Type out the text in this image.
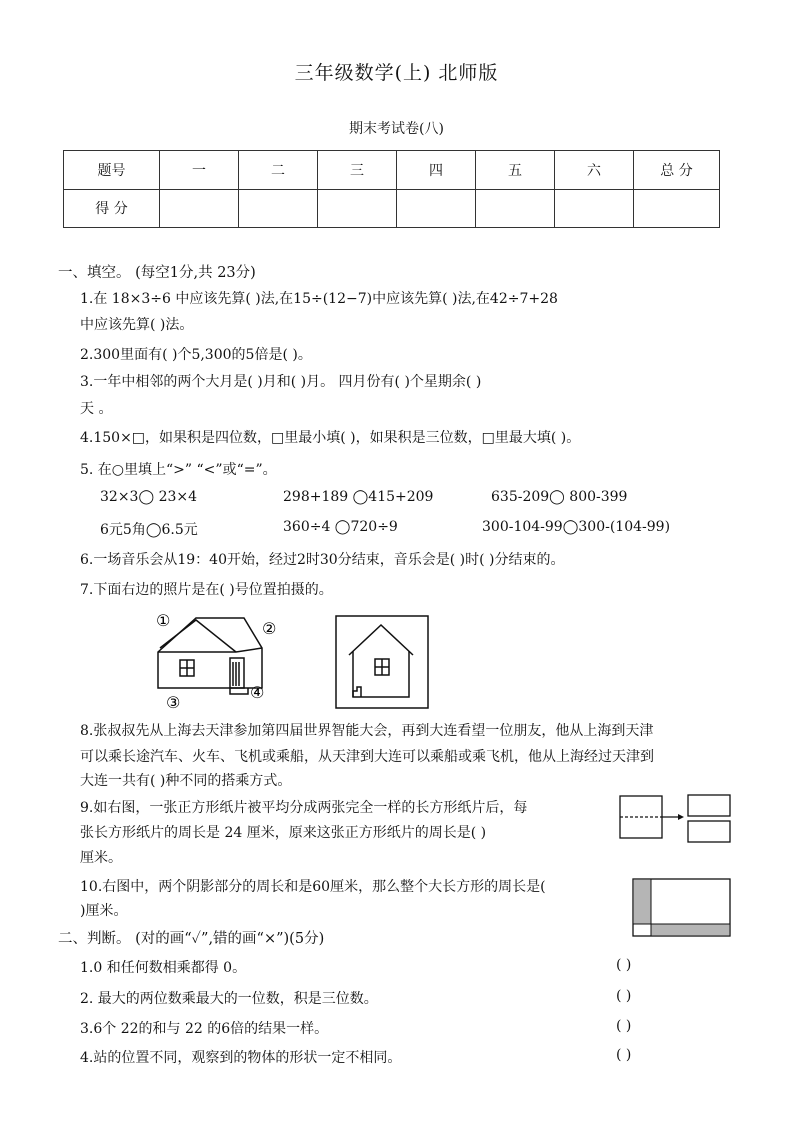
三年级数学(上) 北师版
期末考试卷(八)
题号	一	二	三	四	五	六	总 分
得 分							
一、填空。 (每空1分,共 23分)
1.在 18×3÷6 中应该先算( )法,在15÷(12−7)中应该先算( )法,在42÷7+28
中应该先算( )法。
2.300里面有( )个5,300的5倍是( )。
3.一年中相邻的两个大月是( )月和( )月。 四月份有( )个星期余( )
天 。
4.150×□，如果积是四位数，□里最小填( )，如果积是三位数，□里最大填( )。
5. 在○里填上“>” “<”或“=”。
32×3◯ 23×4	298+189 ◯415+209	635-209◯ 800-399
6元5角◯6.5元	360÷4 ◯720÷9	300-104-99◯300-(104-99)
6.一场音乐会从19：40开始，经过2时30分结束，音乐会是( )时( )分结束的。
7.下面右边的照片是在( )号位置拍摄的。
①	②
③
④
8.张叔叔先从上海去天津参加第四届世界智能大会，再到大连看望一位朋友，他从上海到天津
可以乘长途汽车、火车、飞机或乘船，从天津到大连可以乘船或乘飞机，他从上海经过天津到
大连一共有( )种不同的搭乘方式。
9.如右图，一张正方形纸片被平均分成两张完全一样的长方形纸片后，每
张长方形纸片的周长是 24 厘米，原来这张正方形纸片的周长是( )
厘米。
10.右图中，两个阴影部分的周长和是60厘米，那么整个大长方形的周长是(
)厘米。
二、判断。 (对的画“✓”,错的画“×”)(5分)
1.0 和任何数相乘都得 0。	( )
2. 最大的两位数乘最大的一位数，积是三位数。	( )
3.6个 22的和与 22 的6倍的结果一样。	( )
4.站的位置不同，观察到的物体的形状一定不相同。	( )
